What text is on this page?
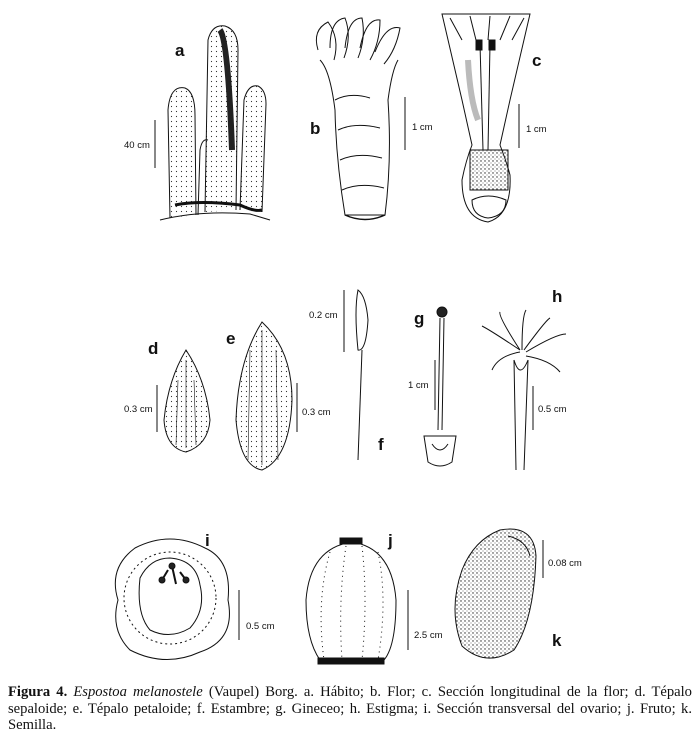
a
40 cm
b	1 cm
c
1 cm
d
0.3 cm
e
0.3 cm
f
0.2 cm	g
1 cm
h
0.5 cm
i
0.5 cm
j
2.5 cm	k
0.08 cm
Figura 4. Espostoa melanostele (Vaupel) Borg. a. Hábito; b. Flor; c. Sección longitudinal de la flor; d. Tépalo sepaloide; e. Tépalo petaloide; f. Estambre; g. Gineceo; h. Estigma; i. Sección transversal del ovario; j. Fruto; k. Semilla.
